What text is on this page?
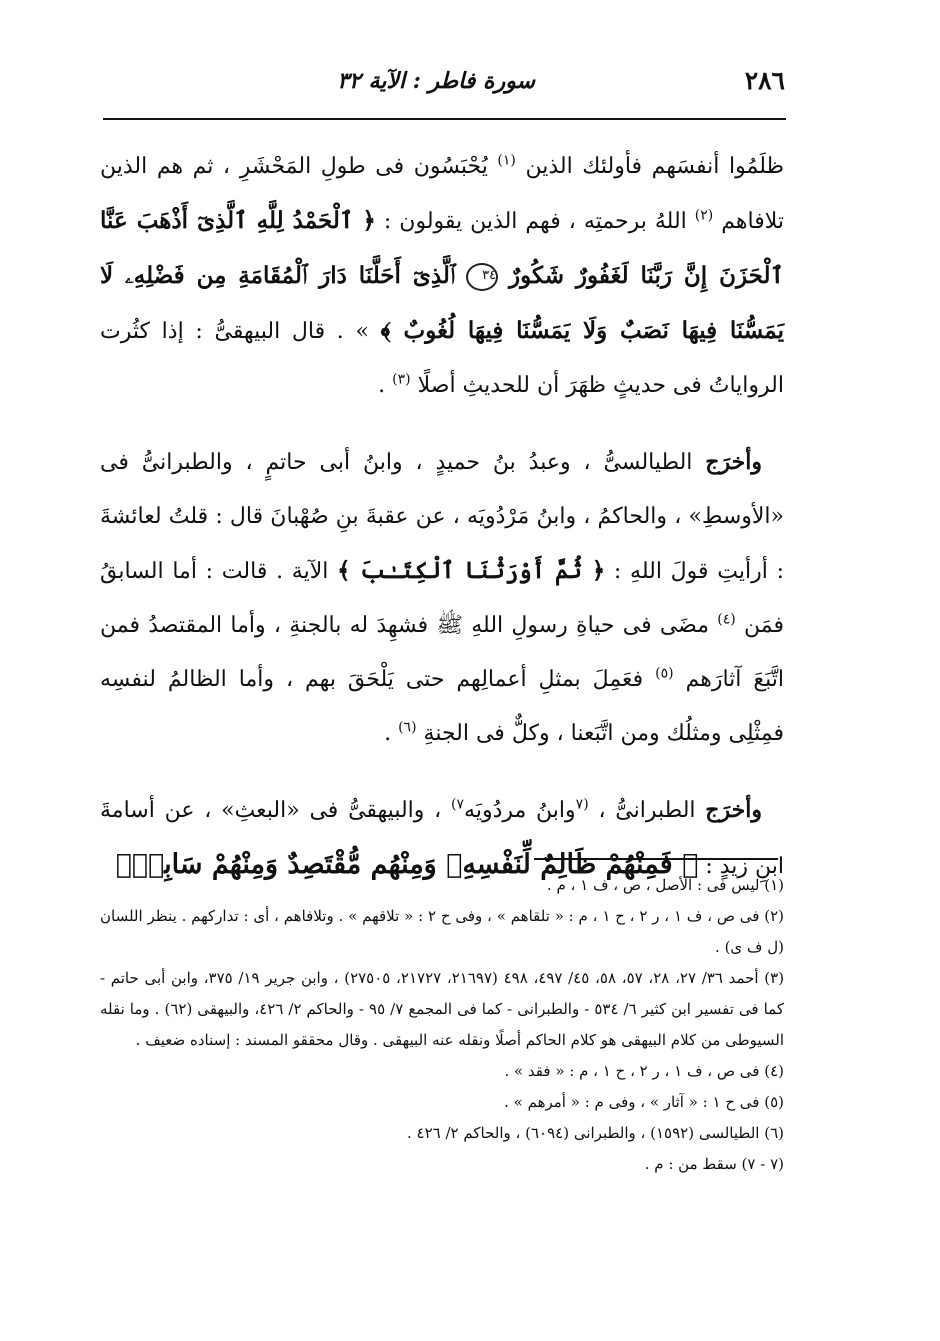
٢٨٦
سورة فاطر : الآية ٣٢

ظلَمُوا أنفسَهم فأولئك الذين $^{(١)}$ يُحْبَسُون فى طولِ المَحْشَرِ ، ثم هم الذين تلافاهم $^{(٢)}$ اللهُ برحمتِه ، فهم الذين يقولون : ﴿ ٱلْحَمْدُ لِلَّهِ ٱلَّذِىٓ أَذْهَبَ عَنَّا ٱلْحَزَنَ إِنَّ رَبَّنَا لَغَفُورٌ شَكُورٌ ٣٤ ٱلَّذِىٓ أَحَلَّنَا دَارَ ٱلْمُقَامَةِ مِن فَضْلِهِۦ لَا يَمَسُّنَا فِيهَا نَصَبٌ وَلَا يَمَسُّنَا فِيهَا لُغُوبٌ ﴾ » . قال البيهقىُّ : إذا كثُرت الرواياتُ فى حديثٍ ظهَرَ أن للحديثِ أصلًا $^{(٣)}$ .

وأخرَج الطيالسىُّ ، وعبدُ بنُ حميدٍ ، وابنُ أبى حاتمٍ ، والطبرانىُّ فى «الأوسطِ» ، والحاكمُ ، وابنُ مَرْدُويَه ، عن عقبةَ بنِ صُهْبانَ قال : قلتُ لعائشةَ : أرأيتِ قولَ اللهِ : ﴿ ثُمَّ أَوْرَثْنَا ٱلْكِتَـٰبَ ﴾ الآية . قالت : أما السابقُ فمَن $^{(٤)}$ مضَى فى حياةِ رسولِ اللهِ ﷺ فشهِدَ له بالجنةِ ، وأما المقتصدُ فمن اتَّبَعَ آثارَهم $^{(٥)}$ فعَمِلَ بمثلِ أعمالِهم حتى يَلْحَقَ بهم ، وأما الظالمُ لنفسِه فمِثْلِى ومثلُك ومن اتَّبَعنا ، وكلٌّ فى الجنةِ $^{(٦)}$ .

وأخرَج الطبرانىُّ ، $^{(٧}$وابنُ مردُويَه$^{٧)}$ ، والبيهقىُّ فى «البعثِ» ، عن أسامةَ ابنِ زيدٍ : ﴿ فَمِنْهُمْ ظَالِمٌ لِّنَفْسِهِۦ وَمِنْهُم مُّقْتَصِدٌ وَمِنْهُمْ سَابِقٌۢ

(١) ليس فى : الأصل ، ص ، ف ١ ، م .

(٢) فى ص ، ف ١ ، ر ٢ ، ح ١ ، م : « تلقاهم » ، وفى ح ٢ : « تلاقهم » . وتلافاهم ، أى : تداركهم . ينظر اللسان (ل ف ى) .

(٣) أحمد ٣٦/ ٢٧، ٢٨، ٥٧، ٥٨، ٤٥/ ٤٩٧، ٤٩٨ (٢١٦٩٧، ٢١٧٢٧، ٢٧٥٠٥) ، وابن جرير ١٩/ ٣٧٥، وابن أبى حاتم - كما فى تفسير ابن كثير ٦/ ٥٣٤ - والطبرانى - كما فى المجمع ٧/ ٩٥ - والحاكم ٢/ ٤٢٦، والبيهقى (٦٢) . وما نقله السيوطى من كلام البيهقى هو كلام الحاكم أصلًا ونقله عنه البيهقى . وقال محققو المسند : إسناده ضعيف .

(٤) فى ص ، ف ١ ، ر ٢ ، ح ١ ، م : « فقد » .

(٥) فى ح ١ : « آثار » ، وفى م : « أمرهم » .

(٦) الطيالسى (١٥٩٢) ، والطبرانى (٦٠٩٤) ، والحاكم ٢/ ٤٢٦ .

(٧ - ٧) سقط من : م .
